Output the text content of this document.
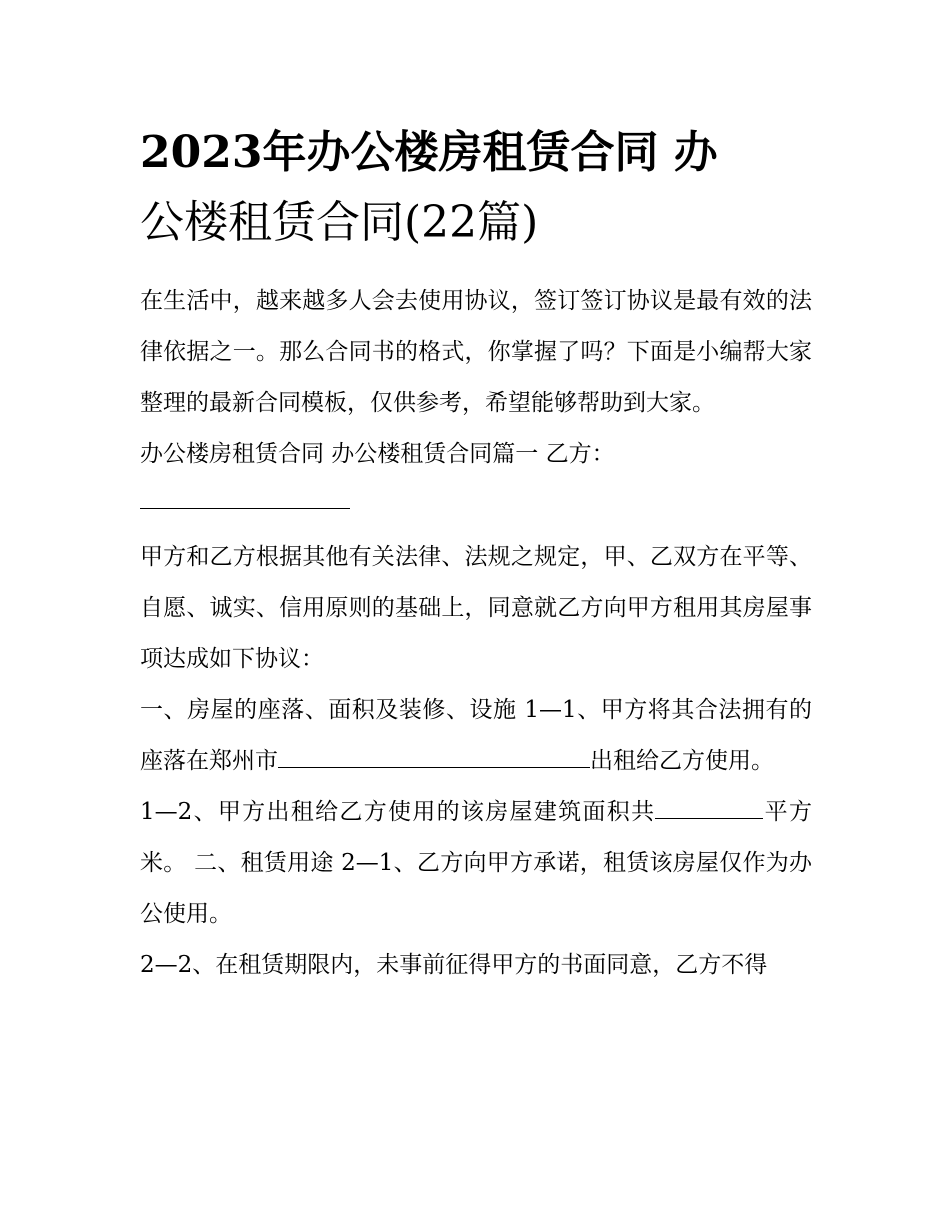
2023年办公楼房租赁合同 办
公楼租赁合同(22篇)

在生活中，越来越多人会去使用协议，签订签订协议是最有效的法律依据之一。那么合同书的格式，你掌握了吗？下面是小编帮大家整理的最新合同模板，仅供参考，希望能够帮助到大家。

办公楼房租赁合同 办公楼租赁合同篇一 乙方：

甲方和乙方根据其他有关法律、法规之规定，甲、乙双方在平等、自愿、诚实、信用原则的基础上，同意就乙方向甲方租用其房屋事项达成如下协议：

一、房屋的座落、面积及装修、设施 1—1、甲方将其合法拥有的座落在郑州市	出租给乙方使用。

1—2、甲方出租给乙方使用的该房屋建筑面积共	平方米。 二、租赁用途 2—1、乙方向甲方承诺，租赁该房屋仅作为办公使用。

2—2、在租赁期限内，未事前征得甲方的书面同意，乙方不得
